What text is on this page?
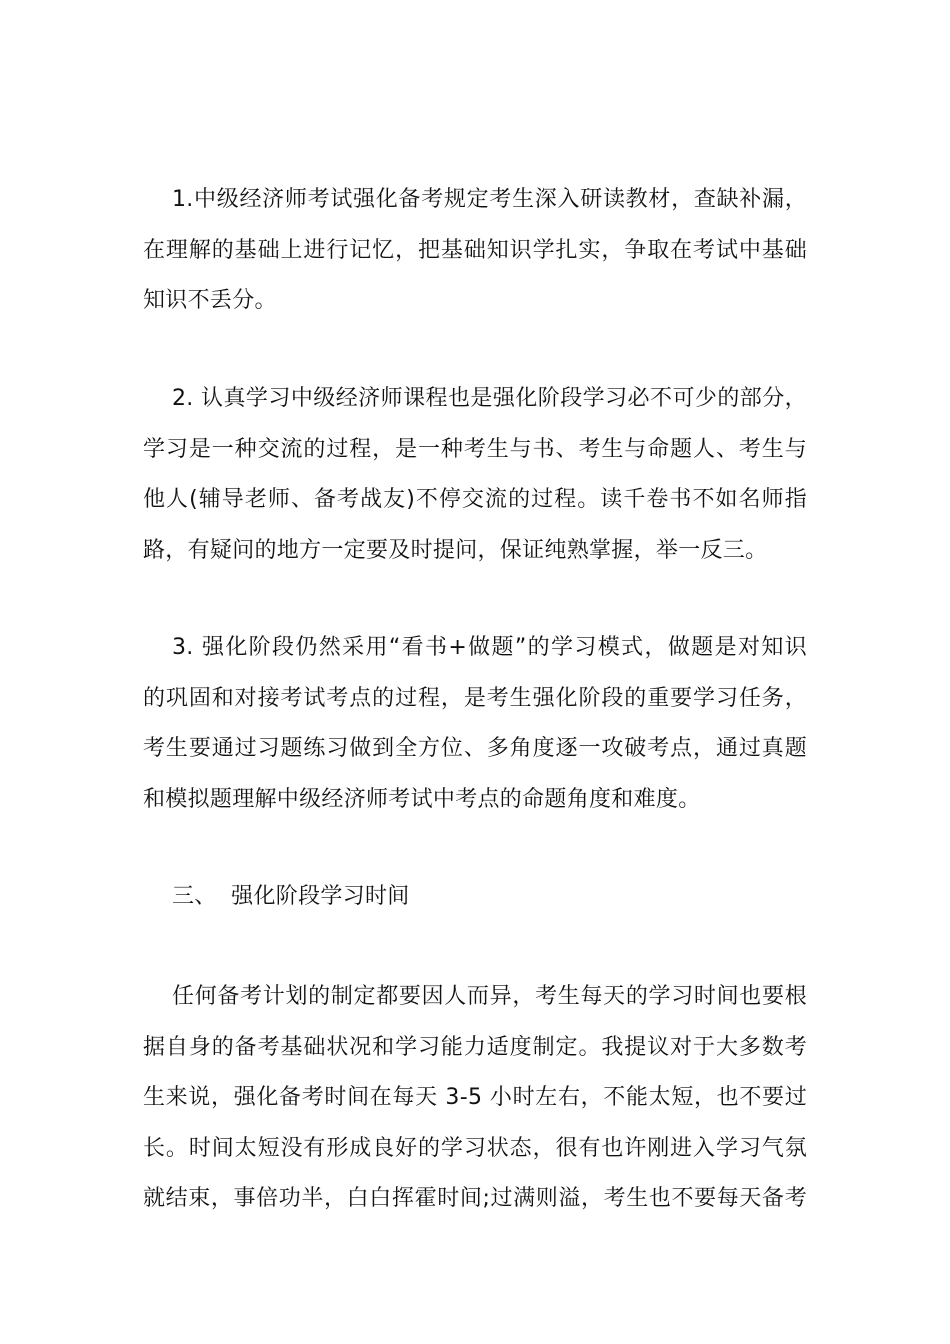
1.中级经济师考试强化备考规定考生深入研读教材，查缺补漏，
在理解的基础上进行记忆，把基础知识学扎实，争取在考试中基础
知识不丢分。
2. 认真学习中级经济师课程也是强化阶段学习必不可少的部分，
学习是一种交流的过程，是一种考生与书、考生与命题人、考生与
他人(辅导老师、备考战友)不停交流的过程。读千卷书不如名师指
路，有疑问的地方一定要及时提问，保证纯熟掌握，举一反三。
3. 强化阶段仍然采用“看书+做题”的学习模式，做题是对知识
的巩固和对接考试考点的过程，是考生强化阶段的重要学习任务，
考生要通过习题练习做到全方位、多角度逐一攻破考点，通过真题
和模拟题理解中级经济师考试中考点的命题角度和难度。
三、  强化阶段学习时间
任何备考计划的制定都要因人而异，考生每天的学习时间也要根
据自身的备考基础状况和学习能力适度制定。我提议对于大多数考
生来说，强化备考时间在每天 3-5 小时左右，不能太短，也不要过
长。时间太短没有形成良好的学习状态，很有也许刚进入学习气氛
就结束，事倍功半，白白挥霍时间;过满则溢，考生也不要每天备考
